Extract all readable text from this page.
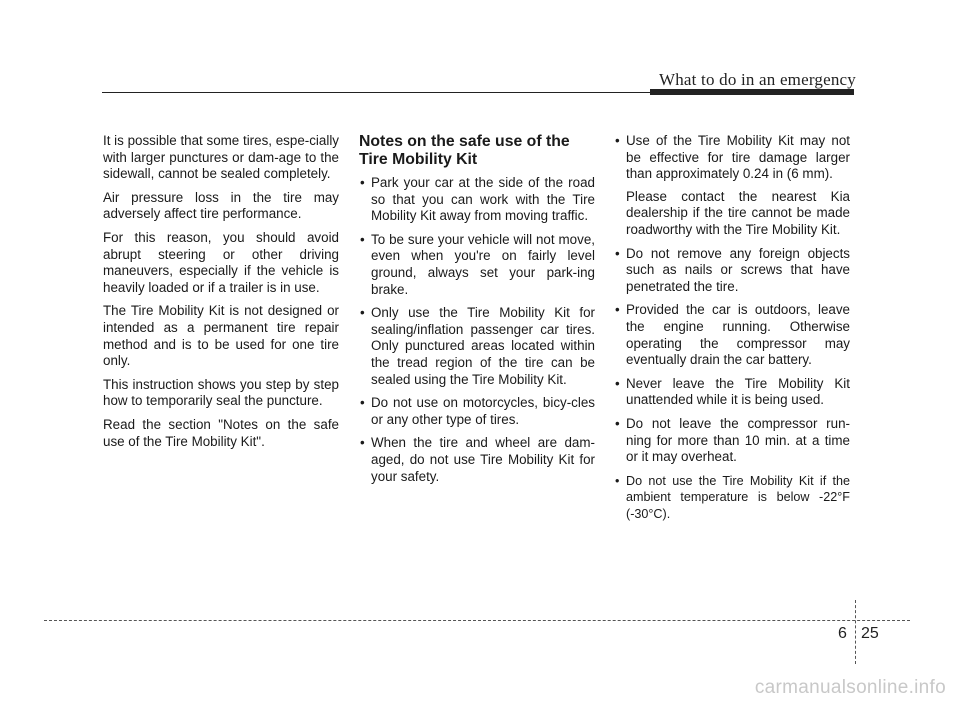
What to do in an emergency

It is possible that some tires, espe-cially with larger punctures or dam-age to the sidewall, cannot be sealed completely.

Air pressure loss in the tire may adversely affect tire performance.

For this reason, you should avoid abrupt steering or other driving maneuvers, especially if the vehicle is heavily loaded or if a trailer is in use.

The Tire Mobility Kit is not designed or intended as a permanent tire repair method and is to be used for one tire only.

This instruction shows you step by step how to temporarily seal the puncture.

Read the section "Notes on the safe use of the Tire Mobility Kit".

Notes on the safe use of the Tire Mobility Kit
• Park your car at the side of the road so that you can work with the Tire Mobility Kit away from moving traffic.
• To be sure your vehicle will not move, even when you're on fairly level ground, always set your park-ing brake.
• Only use the Tire Mobility Kit for sealing/inflation passenger car tires. Only punctured areas located within the tread region of the tire can be sealed using the Tire Mobility Kit.
• Do not use on motorcycles, bicy-cles or any other type of tires.
• When the tire and wheel are dam-aged, do not use Tire Mobility Kit for your safety.
• Use of the Tire Mobility Kit may not be effective for tire damage larger than approximately 0.24 in (6 mm).
Please contact the nearest Kia dealership if the tire cannot be made roadworthy with the Tire Mobility Kit.
• Do not remove any foreign objects such as nails or screws that have penetrated the tire.
• Provided the car is outdoors, leave the engine running. Otherwise operating the compressor may eventually drain the car battery.
• Never leave the Tire Mobility Kit unattended while it is being used.
• Do not leave the compressor run-ning for more than 10 min. at a time or it may overheat.
• Do not use the Tire Mobility Kit if the ambient temperature is below -22°F (-30°C).
6 25
carmanualsonline.info
